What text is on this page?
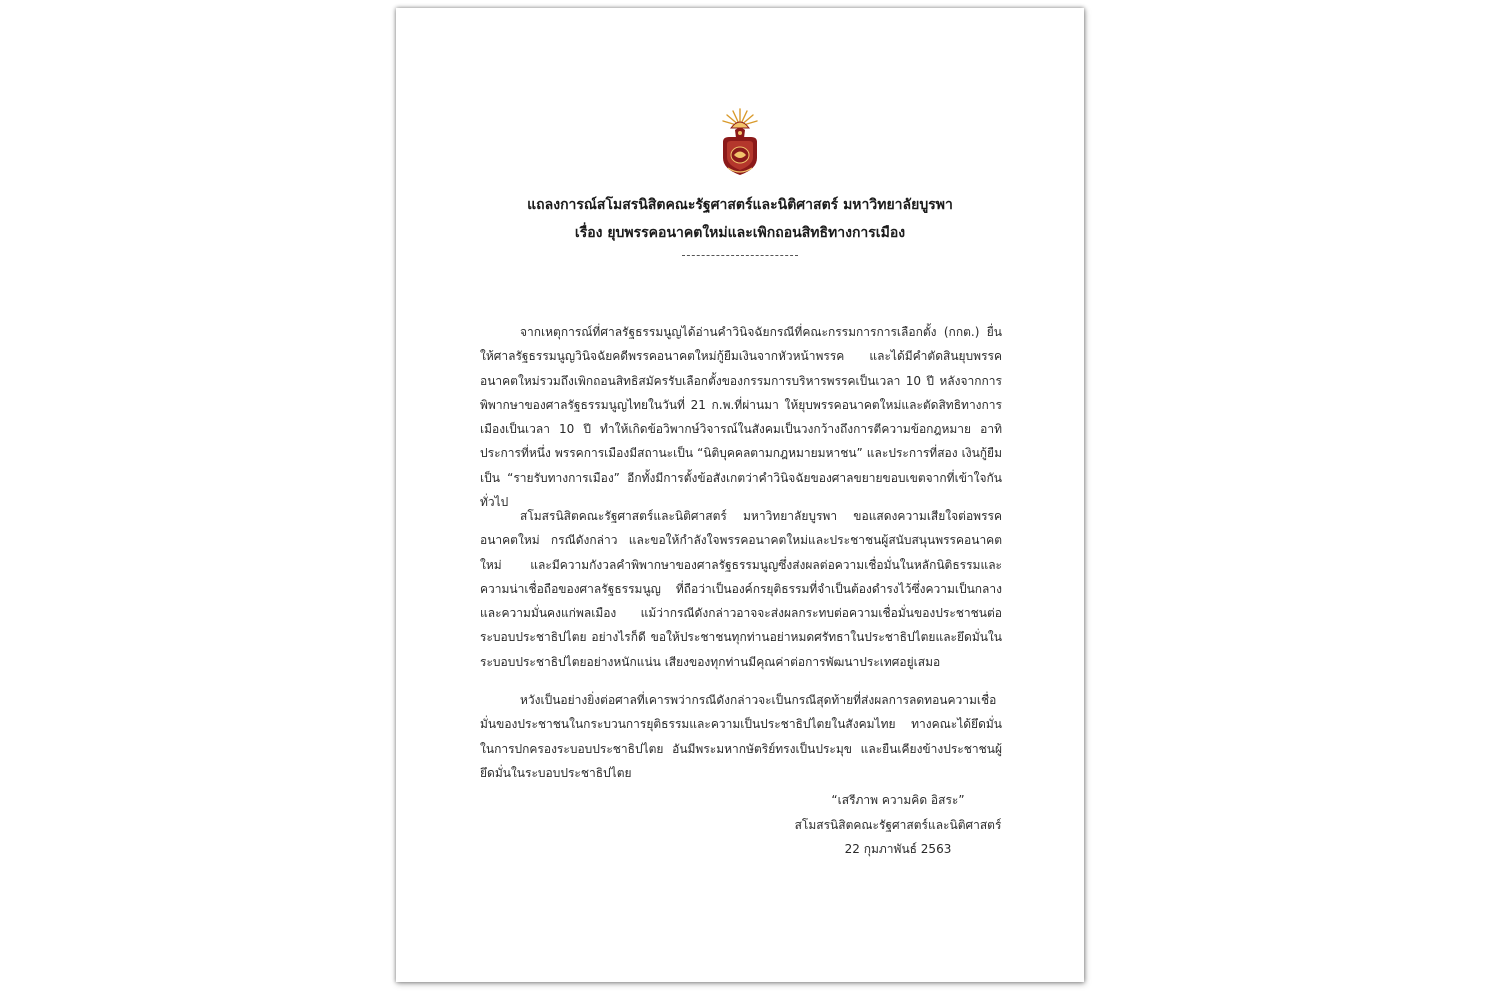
แถลงการณ์สโมสรนิสิตคณะรัฐศาสตร์และนิติศาสตร์ มหาวิทยาลัยบูรพา
เรื่อง ยุบพรรคอนาคตใหม่และเพิกถอนสิทธิทางการเมือง

จากเหตุการณ์ที่ศาลรัฐธรรมนูญได้อ่านคำวินิจฉัยกรณีที่คณะกรรมการการเลือกตั้ง (กกต.) ยื่นให้ศาลรัฐธรรมนูญวินิจฉัยคดีพรรคอนาคตใหม่กู้ยืมเงินจากหัวหน้าพรรค และได้มีคำตัดสินยุบพรรคอนาคตใหม่รวมถึงเพิกถอนสิทธิสมัครรับเลือกตั้งของกรรมการบริหารพรรคเป็นเวลา 10 ปี หลังจากการพิพากษาของศาลรัฐธรรมนูญไทยในวันที่ 21 ก.พ.ที่ผ่านมา ให้ยุบพรรคอนาคตใหม่และตัดสิทธิทางการเมืองเป็นเวลา 10 ปี ทำให้เกิดข้อวิพากษ์วิจารณ์ในสังคมเป็นวงกว้างถึงการตีความข้อกฎหมาย อาทิ ประการที่หนึ่ง พรรคการเมืองมีสถานะเป็น “นิติบุคคลตามกฎหมายมหาชน” และประการที่สอง เงินกู้ยืมเป็น “รายรับทางการเมือง” อีกทั้งมีการตั้งข้อสังเกตว่าคำวินิจฉัยของศาลขยายขอบเขตจากที่เข้าใจกันทั่วไป

สโมสรนิสิตคณะรัฐศาสตร์และนิติศาสตร์ มหาวิทยาลัยบูรพา ขอแสดงความเสียใจต่อพรรคอนาคตใหม่ กรณีดังกล่าว และขอให้กำลังใจพรรคอนาคตใหม่และประชาชนผู้สนับสนุนพรรคอนาคตใหม่ และมีความกังวลคำพิพากษาของศาลรัฐธรรมนูญซึ่งส่งผลต่อความเชื่อมั่นในหลักนิติธรรมและความน่าเชื่อถือของศาลรัฐธรรมนูญ ที่ถือว่าเป็นองค์กรยุติธรรมที่จำเป็นต้องดำรงไว้ซึ่งความเป็นกลางและความมั่นคงแก่พลเมือง แม้ว่ากรณีดังกล่าวอาจจะส่งผลกระทบต่อความเชื่อมั่นของประชาชนต่อระบอบประชาธิปไตย อย่างไรก็ดี ขอให้ประชาชนทุกท่านอย่าหมดศรัทธาในประชาธิปไตยและยึดมั่นในระบอบประชาธิปไตยอย่างหนักแน่น เสียงของทุกท่านมีคุณค่าต่อการพัฒนาประเทศอยู่เสมอ

หวังเป็นอย่างยิ่งต่อศาลที่เคารพว่ากรณีดังกล่าวจะเป็นกรณีสุดท้ายที่ส่งผลการลดทอนความเชื่อมั่นของประชาชนในกระบวนการยุติธรรมและความเป็นประชาธิปไตยในสังคมไทย ทางคณะได้ยึดมั่นในการปกครองระบอบประชาธิปไตย อันมีพระมหากษัตริย์ทรงเป็นประมุข และยืนเคียงข้างประชาชนผู้ยึดมั่นในระบอบประชาธิปไตย

“เสรีภาพ ความคิด อิสระ”
สโมสรนิสิตคณะรัฐศาสตร์และนิติศาสตร์
22 กุมภาพันธ์ 2563
